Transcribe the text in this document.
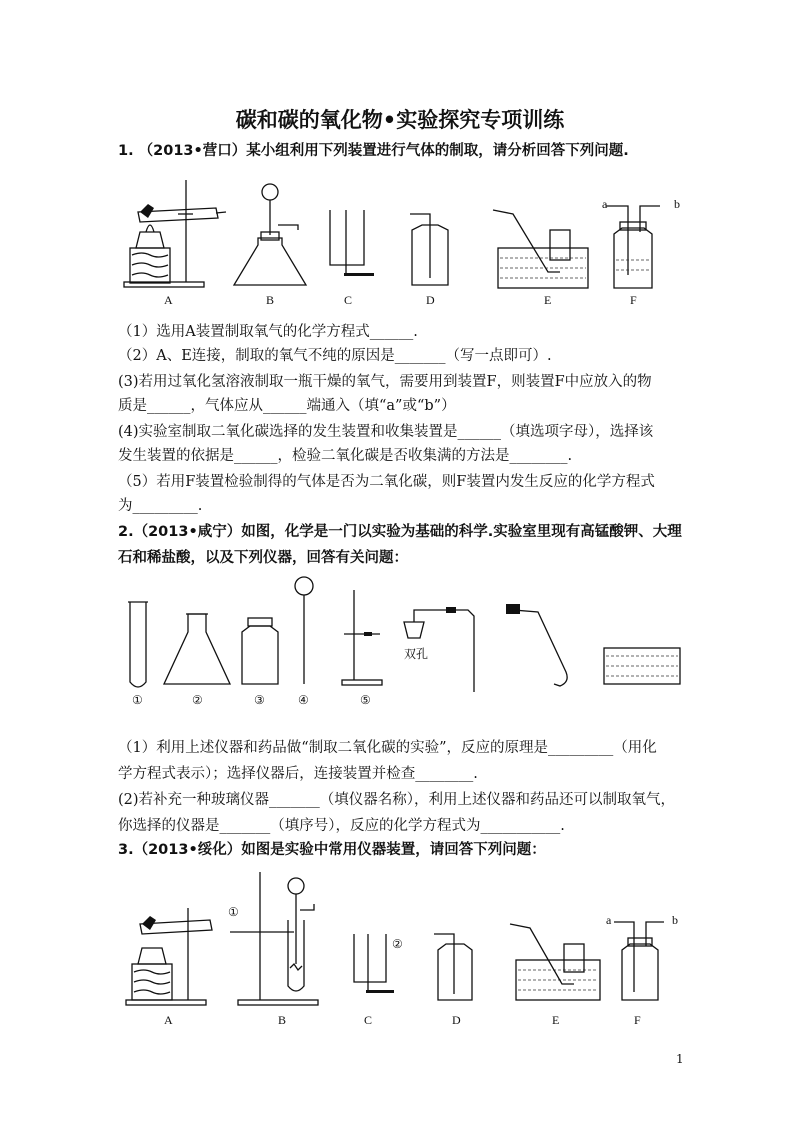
碳和碳的氧化物•实验探究专项训练
1. （2013•营口）某小组利用下列装置进行气体的制取，请分析回答下列问题.
A	B	C	D	E
a	b
F
（1）选用A装置制取氧气的化学方程式______.
（2）A、E连接，制取的氧气不纯的原因是_______（写一点即可）.
(3)若用过氧化氢溶液制取一瓶干燥的氧气，需要用到装置F，则装置F中应放入的物
质是______，气体应从______端通入（填“a”或“b”）
(4)实验室制取二氧化碳选择的发生装置和收集装置是______（填选项字母），选择该
发生装置的依据是______，检验二氧化碳是否收集满的方法是________.
（5）若用F装置检验制得的气体是否为二氧化碳，则F装置内发生反应的化学方程式
为_________.
2.（2013•咸宁）如图，化学是一门以实验为基础的科学.实验室里现有高锰酸钾、大理
石和稀盐酸，以及下列仪器，回答有关问题：
①	②	③	④	⑤
双孔
（1）利用上述仪器和药品做“制取二氧化碳的实验”，反应的原理是_________（用化
学方程式表示）；选择仪器后，连接装置并检查________.
(2)若补充一种玻璃仪器_______（填仪器名称），利用上述仪器和药品还可以制取氧气，
你选择的仪器是_______（填序号），反应的化学方程式为___________.
3.（2013•绥化）如图是实验中常用仪器装置，请回答下列问题：
A
①
B
②
C	D	E
a	b
F
1
